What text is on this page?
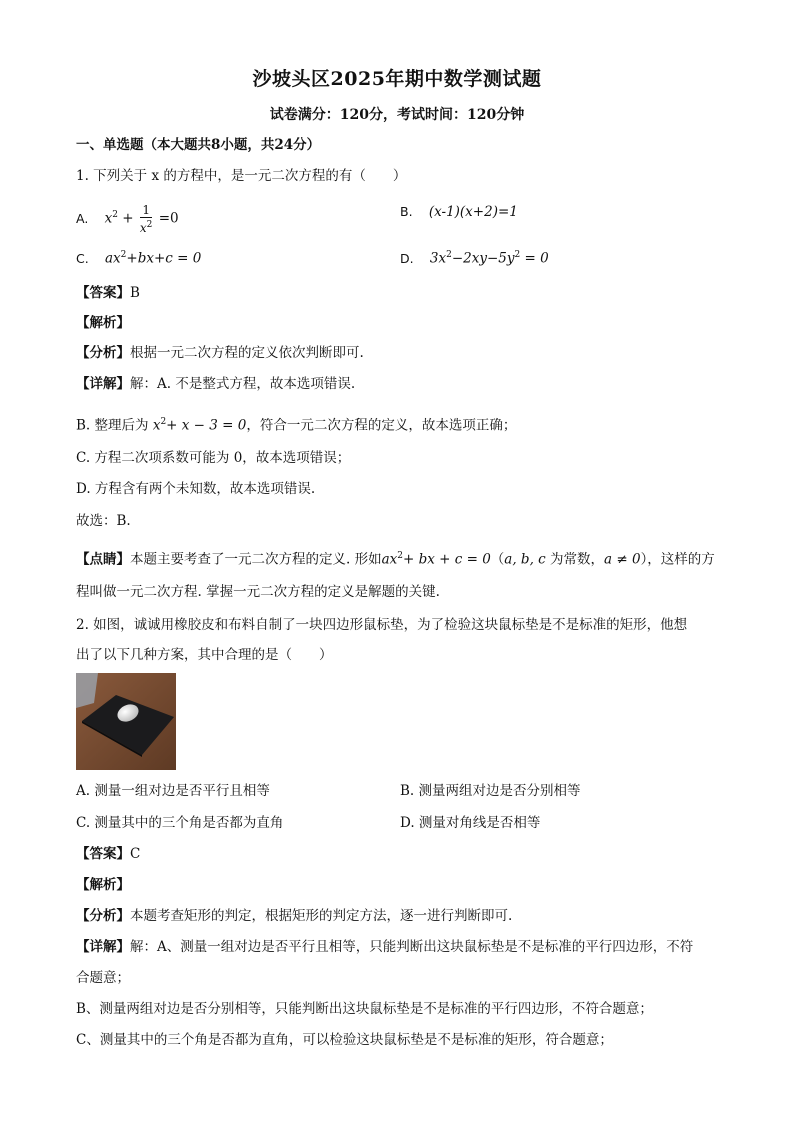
沙坡头区2025年期中数学测试题
试卷满分：120分，考试时间：120分钟
一、单选题（本大题共8小题，共24分）
1. 下列关于 x 的方程中，是一元二次方程的有（　　）
A. $x^2 + \frac{1}{x^2} =0$	B. (x-1)(x+2)=1
C. $ax^2+bx+c = 0$	D. $3x^2-2xy-5y^2 = 0$
【答案】B
【解析】
【分析】根据一元二次方程的定义依次判断即可.
【详解】解：A. 不是整式方程，故本选项错误.
B. 整理后为 $x^2+ x - 3 = 0$，符合一元二次方程的定义，故本选项正确；
C. 方程二次项系数可能为 0，故本选项错误；
D. 方程含有两个未知数，故本选项错误.
故选：B.
【点睛】本题主要考查了一元二次方程的定义. 形如$ax^2+$ bx + c = 0（a, b, c 为常数，a ≠ 0），这样的方
程叫做一元二次方程. 掌握一元二次方程的定义是解题的关键.
2. 如图，诚诚用橡胶皮和布料自制了一块四边形鼠标垫，为了检验这块鼠标垫是不是标准的矩形，他想
出了以下几种方案，其中合理的是（　　）
A. 测量一组对边是否平行且相等	B. 测量两组对边是否分别相等
C. 测量其中的三个角是否都为直角	D. 测量对角线是否相等
【答案】C
【解析】
【分析】本题考查矩形的判定，根据矩形的判定方法，逐一进行判断即可.
【详解】解：A、测量一组对边是否平行且相等，只能判断出这块鼠标垫是不是标准的平行四边形，不符
合题意；
B、测量两组对边是否分别相等，只能判断出这块鼠标垫是不是标准的平行四边形，不符合题意；
C、测量其中的三个角是否都为直角，可以检验这块鼠标垫是不是标准的矩形，符合题意；
